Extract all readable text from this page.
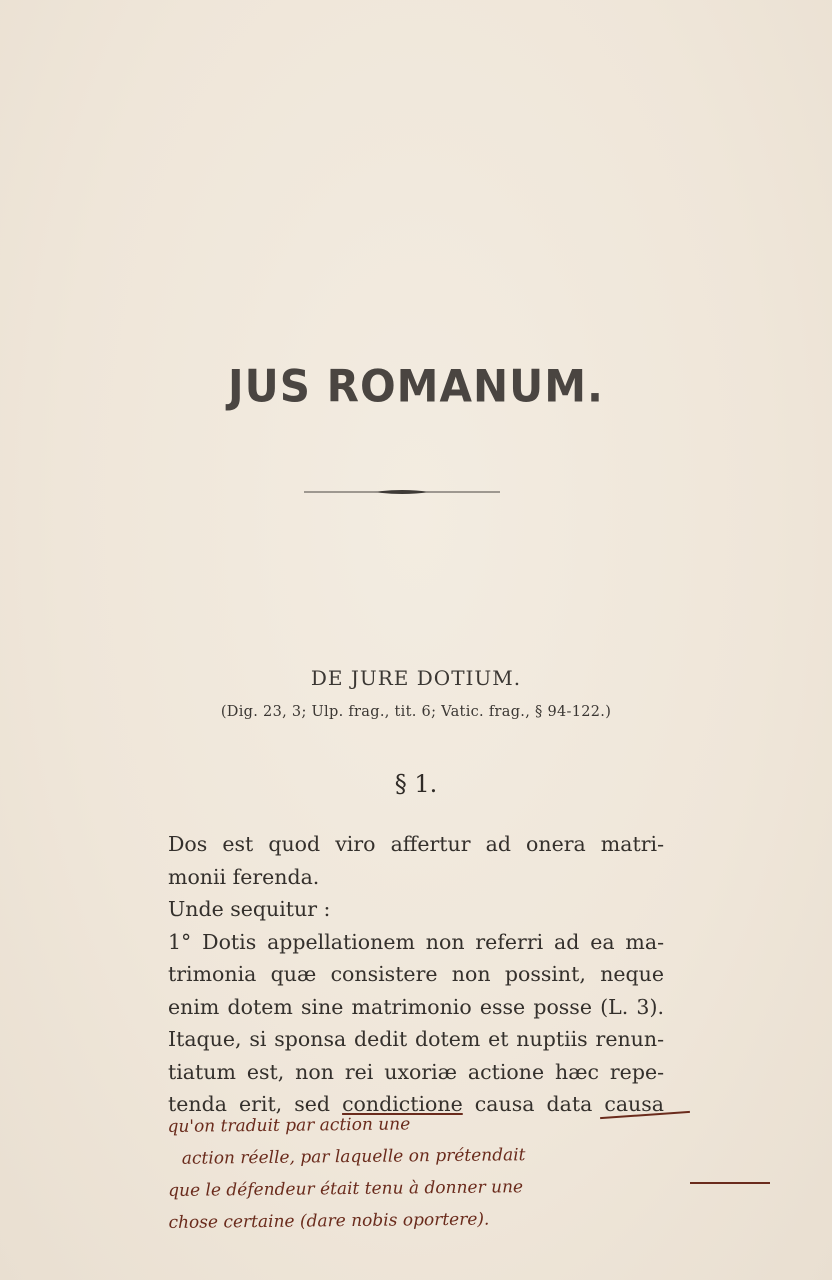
JUS ROMANUM.
DE JURE DOTIUM.
(Dig. 23, 3; Ulp. frag., tit. 6; Vatic. frag., § 94-122.)
§ 1.
Dos est quod viro affertur ad onera matri-
monii ferenda.
Unde sequitur :
1° Dotis appellationem non referri ad ea ma-
trimonia quæ consistere non possint, neque
enim dotem sine matrimonio esse posse (L. 3).
Itaque, si sponsa dedit dotem et nuptiis renun-
tiatum est, non rei uxoriæ actione hæc repe-
tenda erit, sed condictione causa data causa
qu'on traduit par action une
action réelle, par laquelle on prétendait
que le défendeur était tenu à donner une
chose certaine (dare nobis oportere).
